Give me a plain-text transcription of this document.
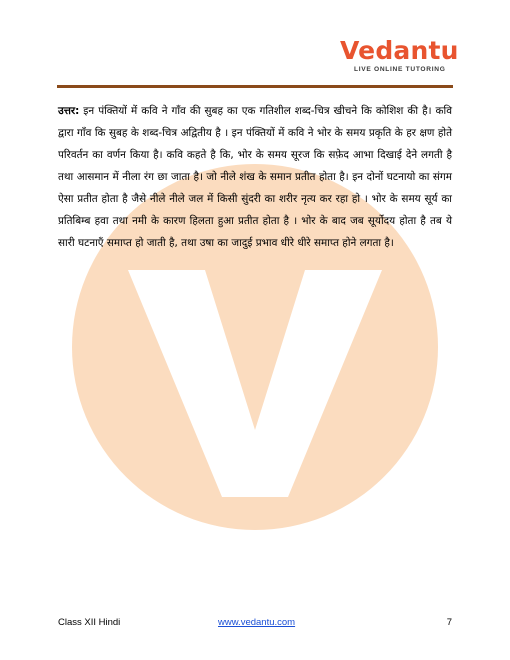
Vedantu
LIVE ONLINE TUTORING
उत्तर: इन पंक्तियों में कवि ने गाँव की सुबह का एक गतिशील शब्द-चित्र खीचने कि कोशिश की है। कवि द्वारा गाँव कि सुबह के शब्द-चित्र अद्वितीय है । इन पंक्तियों में कवि ने भोर के समय प्रकृति के हर क्षण होते परिवर्तन का वर्णन किया है। कवि कहते है कि, भोर के समय सूरज कि सफ़ेद आभा दिखाई देने लगती है तथा आसमान में नीला रंग छा जाता है। जो नीले शंख के समान प्रतीत होता है। इन दोनों घटनायो का संगम ऐसा प्रतीत होता है जैसे नीले नीले जल में किसी सुंदरी का शरीर नृत्य कर रहा हो । भोर के समय सूर्य का प्रतिबिम्ब हवा तथा नमी के कारण हिलता हुआ प्रतीत होता है । भोर के बाद जब सूर्योदय होता है तब ये सारी घटनाएँ समाप्त हो जाती है, तथा उषा का जादुई प्रभाव धीरे धीरे समाप्त होने लगता है।
Class XII Hindi	www.vedantu.com	7
